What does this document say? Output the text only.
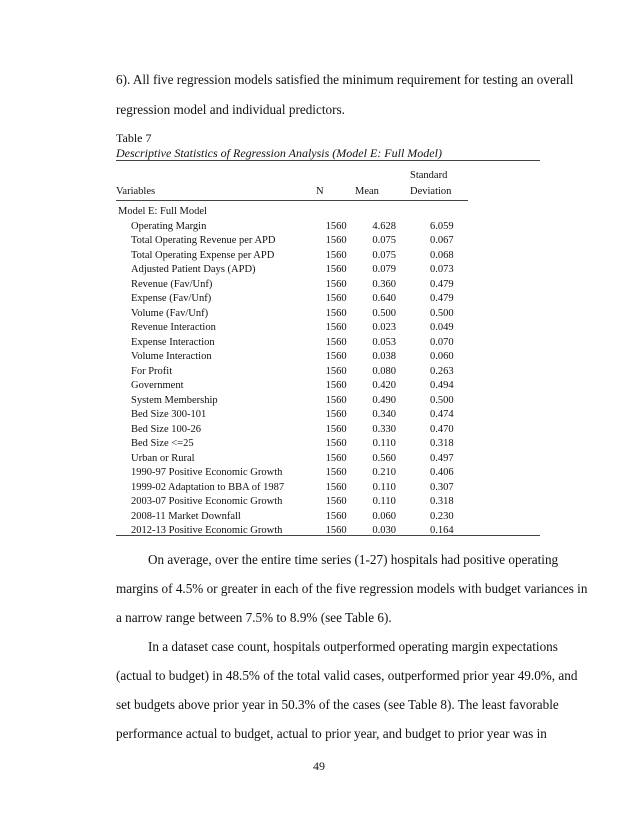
6). All five regression models satisfied the minimum requirement for testing an overall
regression model and individual predictors.
Table 7
Descriptive Statistics of Regression Analysis (Model E: Full Model)
Standard
Variables	N	Mean	Deviation
Model E: Full Model			
Operating Margin	1560	4.628	6.059
Total Operating Revenue per APD	1560	0.075	0.067
Total Operating Expense per APD	1560	0.075	0.068
Adjusted Patient Days (APD)	1560	0.079	0.073
Revenue (Fav/Unf)	1560	0.360	0.479
Expense (Fav/Unf)	1560	0.640	0.479
Volume (Fav/Unf)	1560	0.500	0.500
Revenue Interaction	1560	0.023	0.049
Expense Interaction	1560	0.053	0.070
Volume Interaction	1560	0.038	0.060
For Profit	1560	0.080	0.263
Government	1560	0.420	0.494
System Membership	1560	0.490	0.500
Bed Size 300-101	1560	0.340	0.474
Bed Size 100-26	1560	0.330	0.470
Bed Size <=25	1560	0.110	0.318
Urban or Rural	1560	0.560	0.497
1990-97 Positive Economic Growth	1560	0.210	0.406
1999-02 Adaptation to BBA of 1987	1560	0.110	0.307
2003-07 Positive Economic Growth	1560	0.110	0.318
2008-11 Market Downfall	1560	0.060	0.230
2012-13 Positive Economic Growth	1560	0.030	0.164
On average, over the entire time series (1-27) hospitals had positive operating
margins of 4.5% or greater in each of the five regression models with budget variances in
a narrow range between 7.5% to 8.9% (see Table 6).
In a dataset case count, hospitals outperformed operating margin expectations
(actual to budget) in 48.5% of the total valid cases, outperformed prior year 49.0%, and
set budgets above prior year in 50.3% of the cases (see Table 8). The least favorable
performance actual to budget, actual to prior year, and budget to prior year was in
49
